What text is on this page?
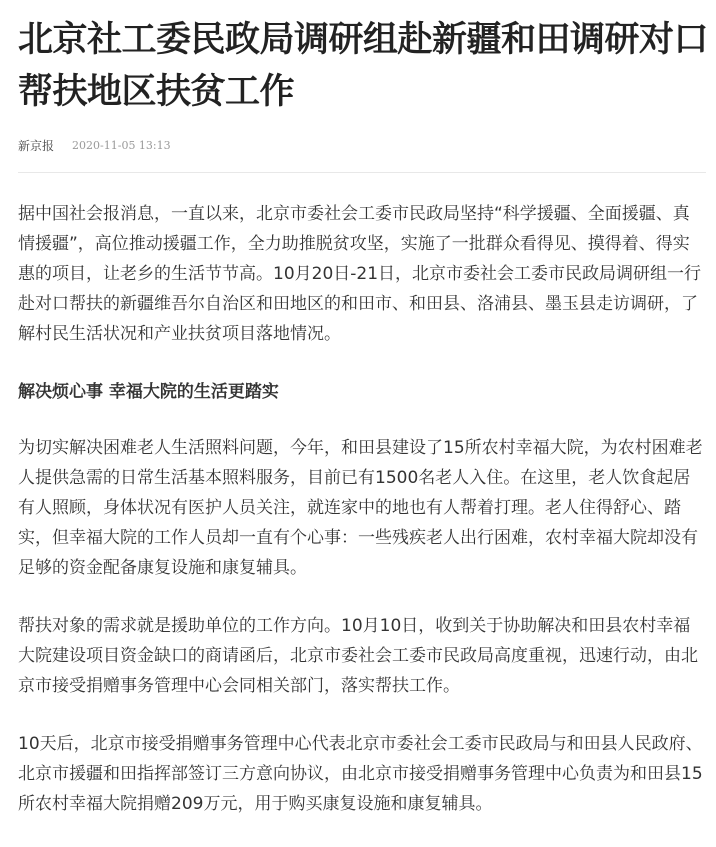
北京社工委民政局调研组赴新疆和田调研对口帮扶地区扶贫工作
新京报 2020-11-05 13:13

据中国社会报消息，一直以来，北京市委社会工委市民政局坚持“科学援疆、全面援疆、真情援疆”，高位推动援疆工作，全力助推脱贫攻坚，实施了一批群众看得见、摸得着、得实惠的项目，让老乡的生活节节高。10月20日-21日，北京市委社会工委市民政局调研组一行赴对口帮扶的新疆维吾尔自治区和田地区的和田市、和田县、洛浦县、墨玉县走访调研，了解村民生活状况和产业扶贫项目落地情况。

解决烦心事 幸福大院的生活更踏实

为切实解决困难老人生活照料问题，今年，和田县建设了15所农村幸福大院，为农村困难老人提供急需的日常生活基本照料服务，目前已有1500名老人入住。在这里，老人饮食起居有人照顾，身体状况有医护人员关注，就连家中的地也有人帮着打理。老人住得舒心、踏实，但幸福大院的工作人员却一直有个心事：一些残疾老人出行困难，农村幸福大院却没有足够的资金配备康复设施和康复辅具。

帮扶对象的需求就是援助单位的工作方向。10月10日，收到关于协助解决和田县农村幸福大院建设项目资金缺口的商请函后，北京市委社会工委市民政局高度重视，迅速行动，由北京市接受捐赠事务管理中心会同相关部门，落实帮扶工作。

10天后，北京市接受捐赠事务管理中心代表北京市委社会工委市民政局与和田县人民政府、北京市援疆和田指挥部签订三方意向协议，由北京市接受捐赠事务管理中心负责为和田县15所农村幸福大院捐赠209万元，用于购买康复设施和康复辅具。
